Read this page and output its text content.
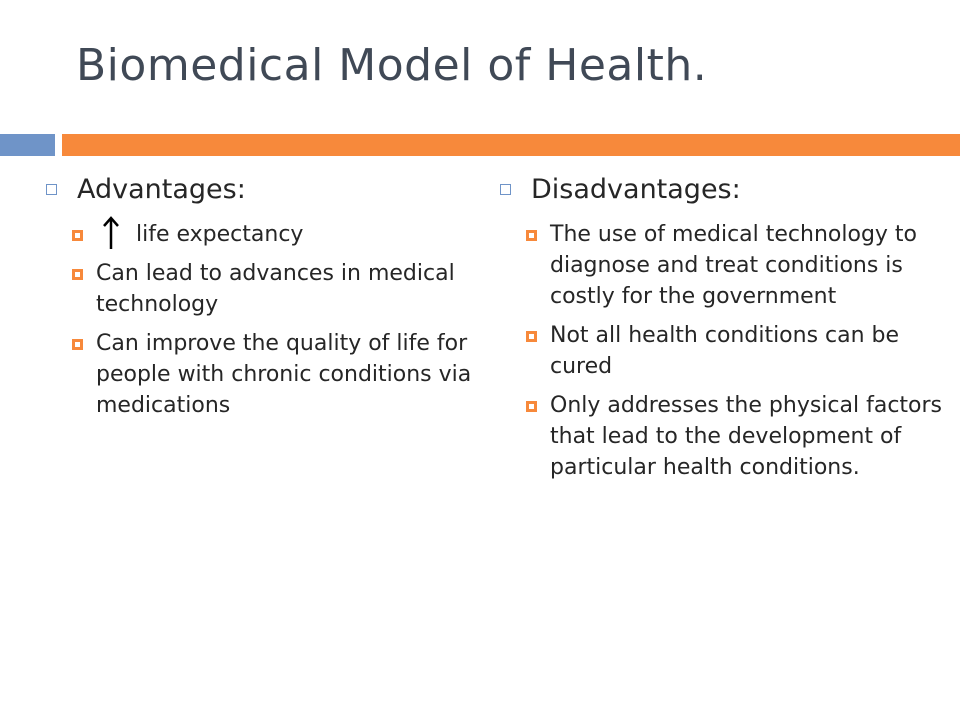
Biomedical Model of Health.
Advantages:
life expectancy
Can lead to advances in medical technology
Can improve the quality of life for people with chronic conditions via medications
Disadvantages:
The use of medical technology to diagnose and treat conditions is costly for the government
Not all health conditions can be cured
Only addresses the physical factors that lead to the development of particular health conditions.
